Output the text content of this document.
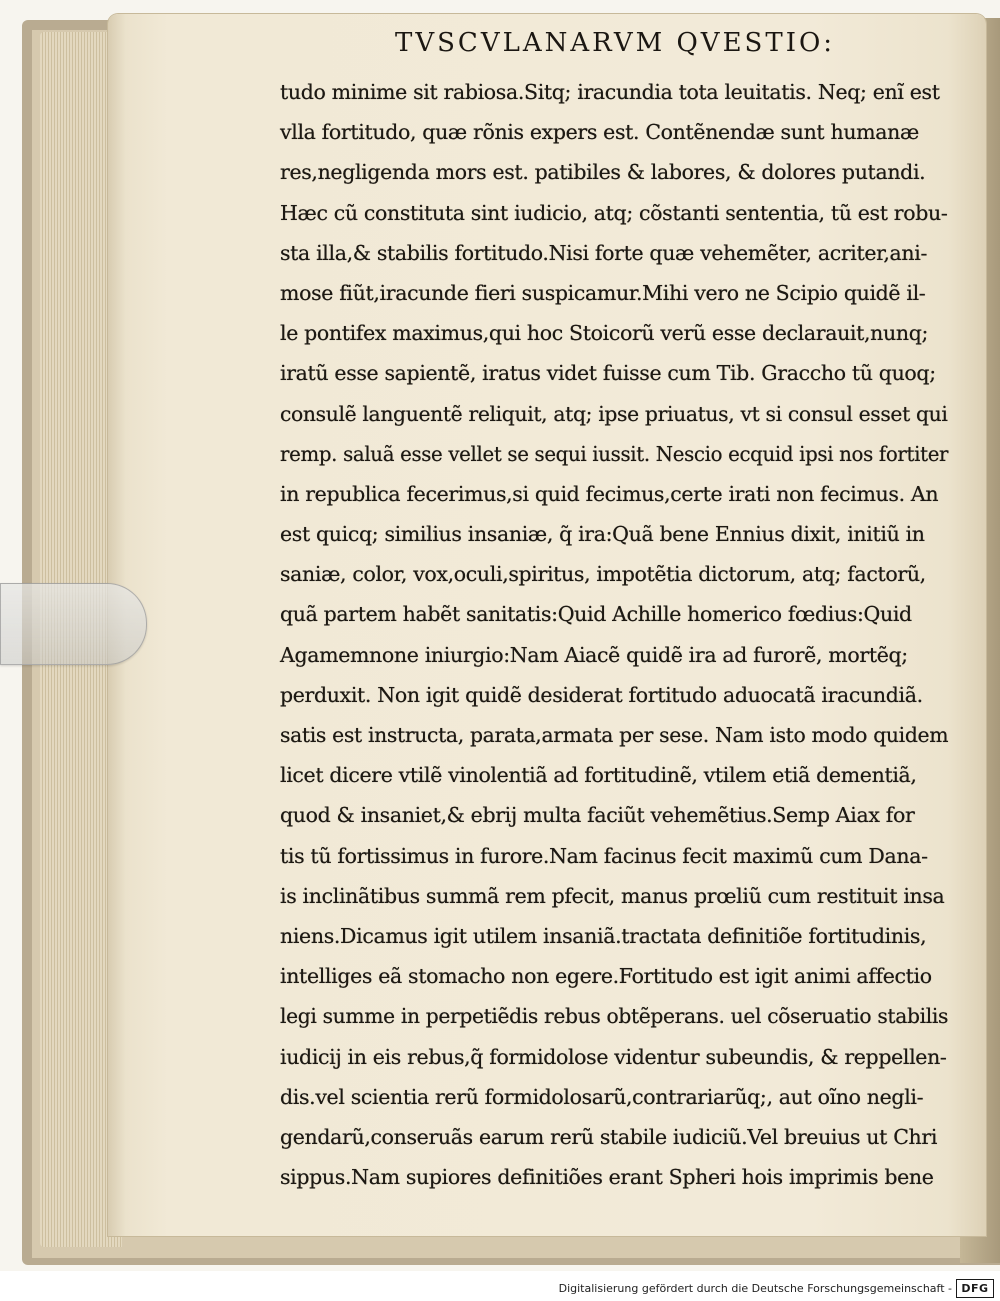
TVSCVLANARVM QVESTIO:
tudo minime sit rabiosa.Sitq; iracundia tota leuitatis. Neq; enĩ est
vlla fortitudo, quæ rõnis expers est. Contẽnendæ sunt humanæ
res,negligenda mors est. patibiles & labores, & dolores putandi.
Hæc cũ constituta sint iudicio, atq; cõstanti sententia, tũ est robu-
sta illa,& stabilis fortitudo.Nisi forte quæ vehemẽter, acriter,ani-
mose fiũt,iracunde fieri suspicamur.Mihi vero ne Scipio quidẽ il-
le pontifex maximus,qui hoc Stoicorũ verũ esse declarauit,nunq;
iratũ esse sapientẽ, iratus videt fuisse cum Tib. Graccho tũ quoq;
consulẽ languentẽ reliquit, atq; ipse priuatus, vt si consul esset qui
remp. saluã esse vellet se sequi iussit. Nescio ecquid ipsi nos fortiter
in republica fecerimus,si quid fecimus,certe irati non fecimus. An
est quicq; similius insaniæ, q̃ ira:Quã bene Ennius dixit, initiũ in
saniæ, color, vox,oculi,spiritus, impotẽtia dictorum, atq; factorũ,
quã partem habẽt sanitatis:Quid Achille homerico fœdius:Quid
Agamemnone iniurgio:Nam Aiacẽ quidẽ ira ad furorẽ, mortẽq;
perduxit. Non igit quidẽ desiderat fortitudo aduocatã iracundiã.
satis est instructa, parata,armata per sese. Nam isto modo quidem
licet dicere vtilẽ vinolentiã ad fortitudinẽ, vtilem etiã dementiã,
quod & insaniet,& ebrij multa faciũt vehemẽtius.Semp Aiax for
tis tũ fortissimus in furore.Nam facinus fecit maximũ cum Dana-
is inclinãtibus summã rem pfecit, manus prœliũ cum restituit insa
niens.Dicamus igit utilem insaniã.tractata definitiõe fortitudinis,
intelliges eã stomacho non egere.Fortitudo est igit animi affectio
legi summe in perpetiẽdis rebus obtẽperans. uel cõseruatio stabilis
iudicij in eis rebus,q̃ formidolose videntur subeundis, & reppellen-
dis.vel scientia rerũ formidolosarũ,contrariarũq;, aut oĩno negli-
gendarũ,conseruãs earum rerũ stabile iudiciũ.Vel breuius ut Chri
sippus.Nam supiores definitiões erant Spheri hois imprimis bene
Digitalisierung gefördert durch die Deutsche Forschungsgemeinschaft - DFG
